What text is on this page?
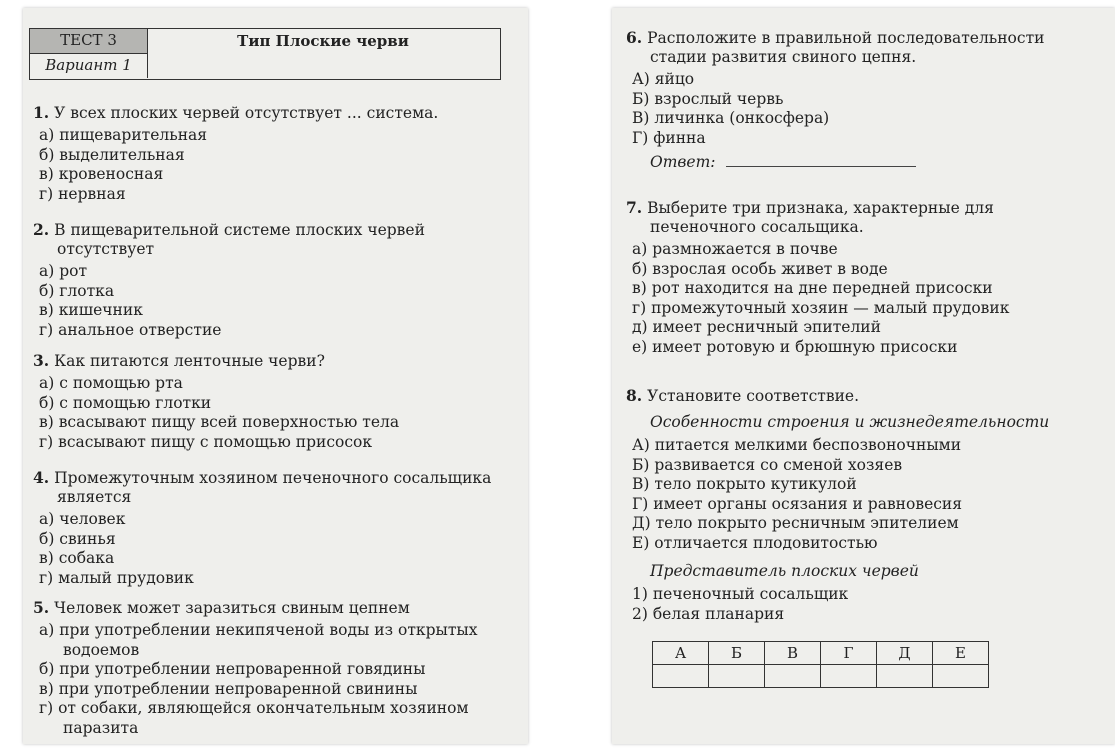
ТЕСТ 3
Вариант 1
Тип Плоские черви

1. У всех плоских червей отсутствует ... система.

а) пищеварительная

б) выделительная

в) кровеносная

г) нервная

2. В пищеварительной системе плоских червей отсутствует

а) рот

б) глотка

в) кишечник

г) анальное отверстие

3. Как питаются ленточные черви?

а) с помощью рта

б) с помощью глотки

в) всасывают пищу всей поверхностью тела

г) всасывают пищу с помощью присосок

4. Промежуточным хозяином печеночного сосальщика является

а) человек

б) свинья

в) собака

г) малый прудовик

5. Человек может заразиться свиным цепнем

а) при употреблении некипяченой воды из открытых водоемов

б) при употреблении непроваренной говядины

в) при употреблении непроваренной свинины

г) от собаки, являющейся окончательным хозяином паразита

6. Расположите в правильной последовательности стадии развития свиного цепня.

А) яйцо

Б) взрослый червь

В) личинка (онкосфера)

Г) финна

Ответ:

7. Выберите три признака, характерные для печеночного сосальщика.

а) размножается в почве

б) взрослая особь живет в воде

в) рот находится на дне передней присоски

г) промежуточный хозяин — малый прудовик

д) имеет ресничный эпителий

е) имеет ротовую и брюшную присоски

8. Установите соответствие.

Особенности строения и жизнедеятельности

А) питается мелкими беспозвоночными

Б) развивается со сменой хозяев

В) тело покрыто кутикулой

Г) имеет органы осязания и равновесия

Д) тело покрыто ресничным эпителием

Е) отличается плодовитостью

Представитель плоских червей

1) печеночный сосальщик

2) белая планария

А	Б	В	Г	Д	Е
